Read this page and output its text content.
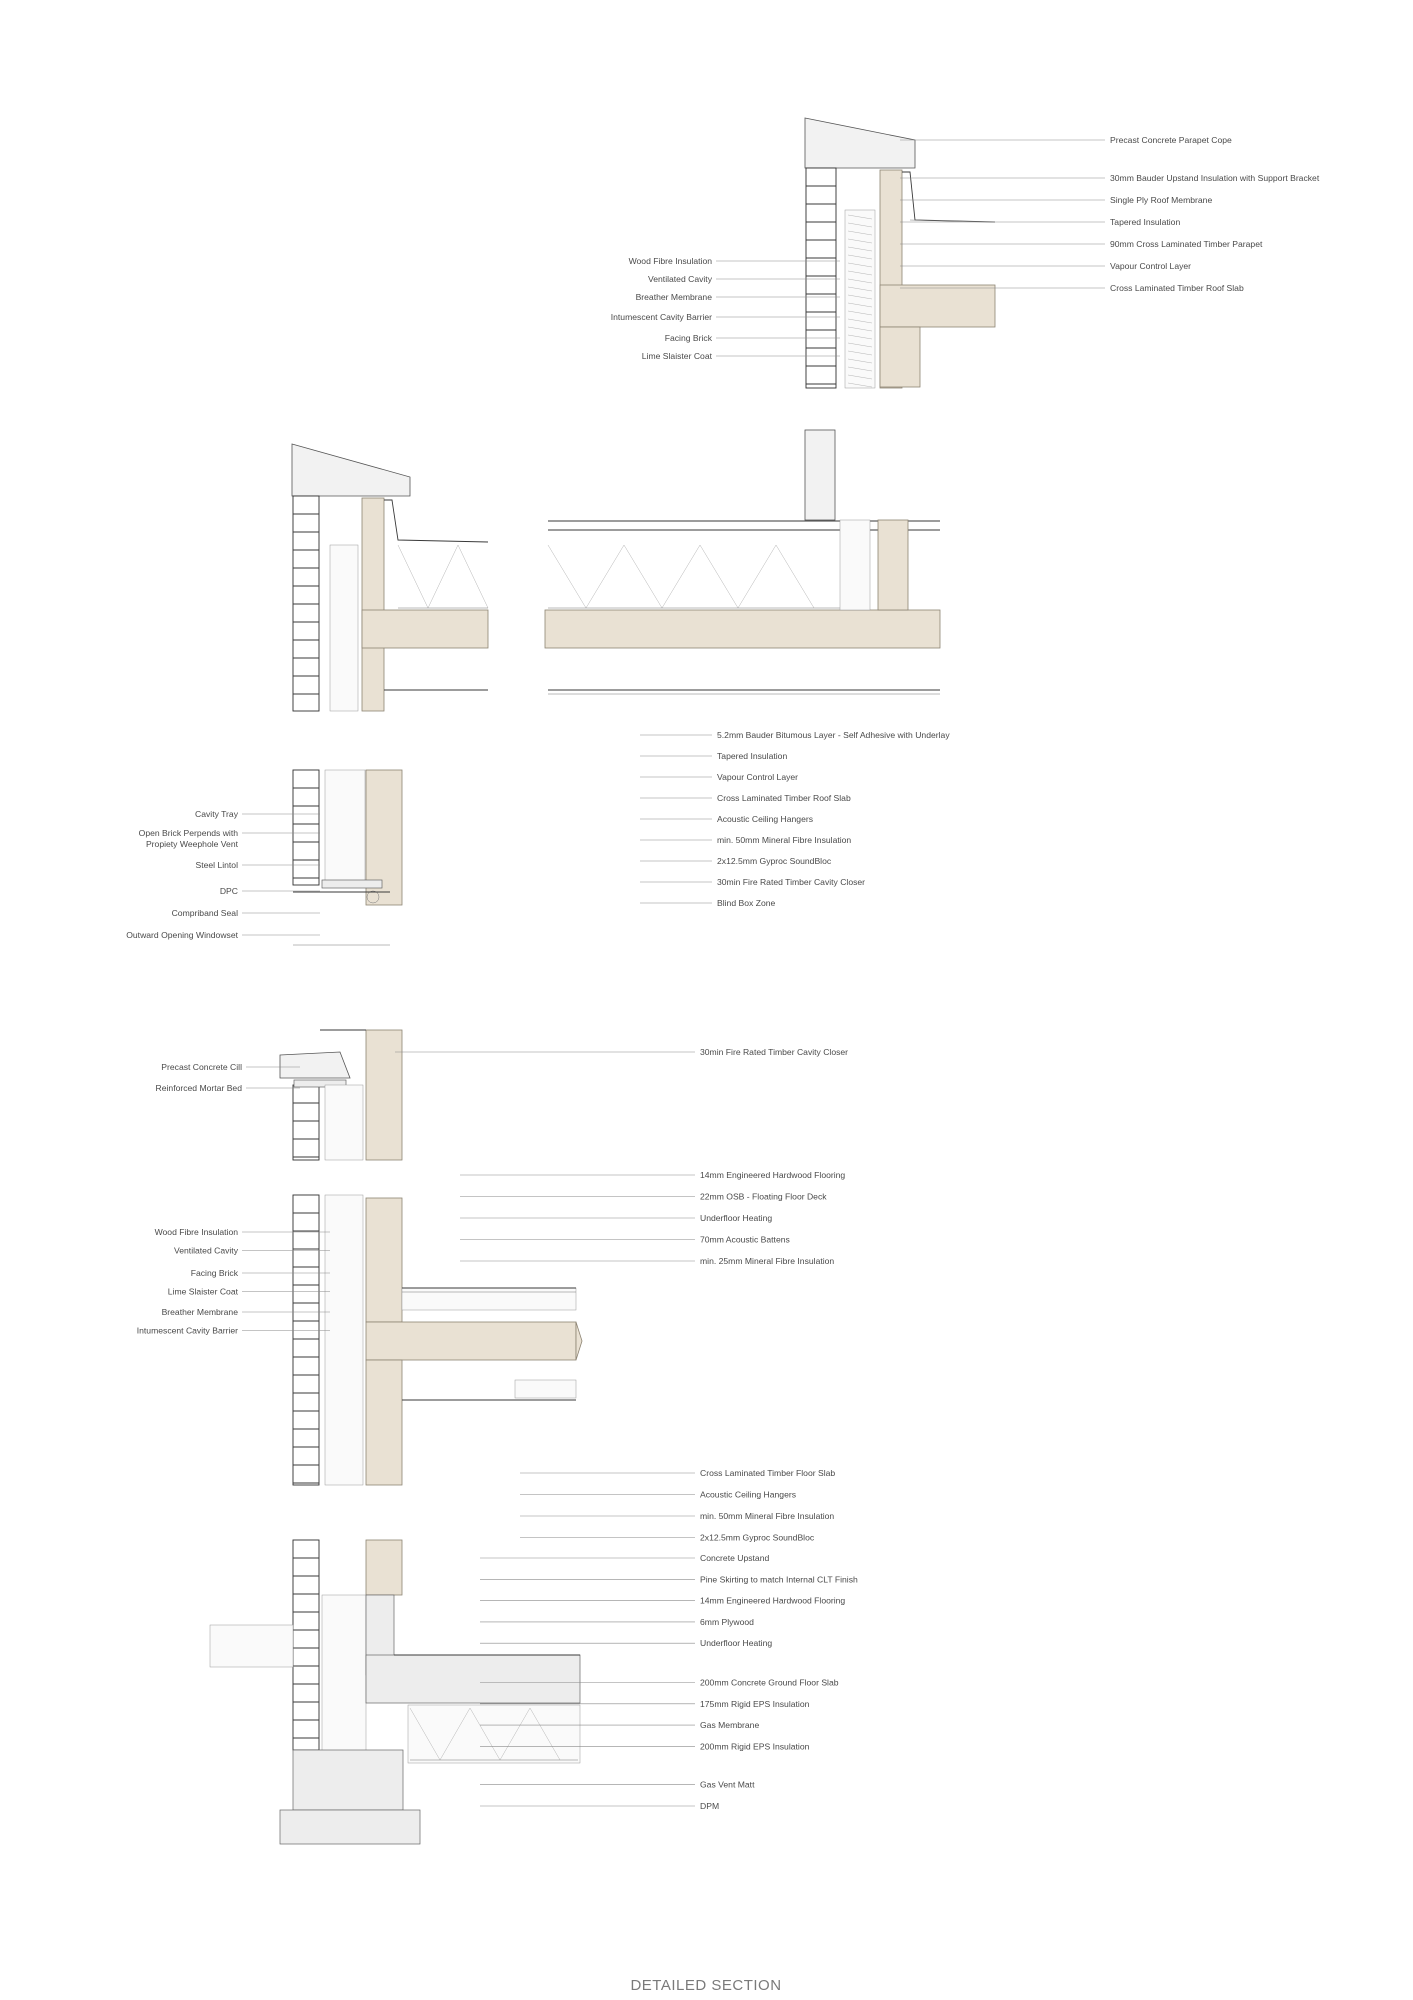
Precast Concrete Parapet Cope
30mm Bauder Upstand Insulation with Support Bracket
Single Ply Roof Membrane
Tapered Insulation
90mm Cross Laminated Timber Parapet
Vapour Control Layer
Cross Laminated Timber Roof Slab
Wood Fibre Insulation
Ventilated Cavity
Breather Membrane
Intumescent Cavity Barrier
Facing Brick
Lime Slaister Coat
5.2mm Bauder Bitumous Layer - Self Adhesive with Underlay
Tapered Insulation
Vapour Control Layer
Cross Laminated Timber Roof Slab
Acoustic Ceiling Hangers
min. 50mm Mineral Fibre Insulation
2x12.5mm Gyproc SoundBloc
30min Fire Rated Timber Cavity Closer
Blind Box Zone
Cavity Tray
Open Brick Perpends with
Propiety Weephole Vent
Steel Lintol
DPC
Compriband Seal
Outward Opening Windowset
Precast Concrete Cill
Reinforced Mortar Bed
30min Fire Rated Timber Cavity Closer
14mm Engineered Hardwood Flooring
22mm OSB - Floating Floor Deck
Underfloor Heating
70mm Acoustic Battens
min. 25mm Mineral Fibre Insulation
Wood Fibre Insulation
Ventilated Cavity
Facing Brick
Lime Slaister Coat
Breather Membrane
Intumescent Cavity Barrier
Cross Laminated Timber Floor Slab
Acoustic Ceiling Hangers
min. 50mm Mineral Fibre Insulation
2x12.5mm Gyproc SoundBloc
Concrete Upstand
Pine Skirting to match Internal CLT Finish
14mm Engineered Hardwood Flooring
6mm Plywood
Underfloor Heating
200mm Concrete Ground Floor Slab
175mm Rigid EPS Insulation
Gas Membrane
200mm Rigid EPS Insulation
Gas Vent Matt
DPM
DETAILED SECTION
